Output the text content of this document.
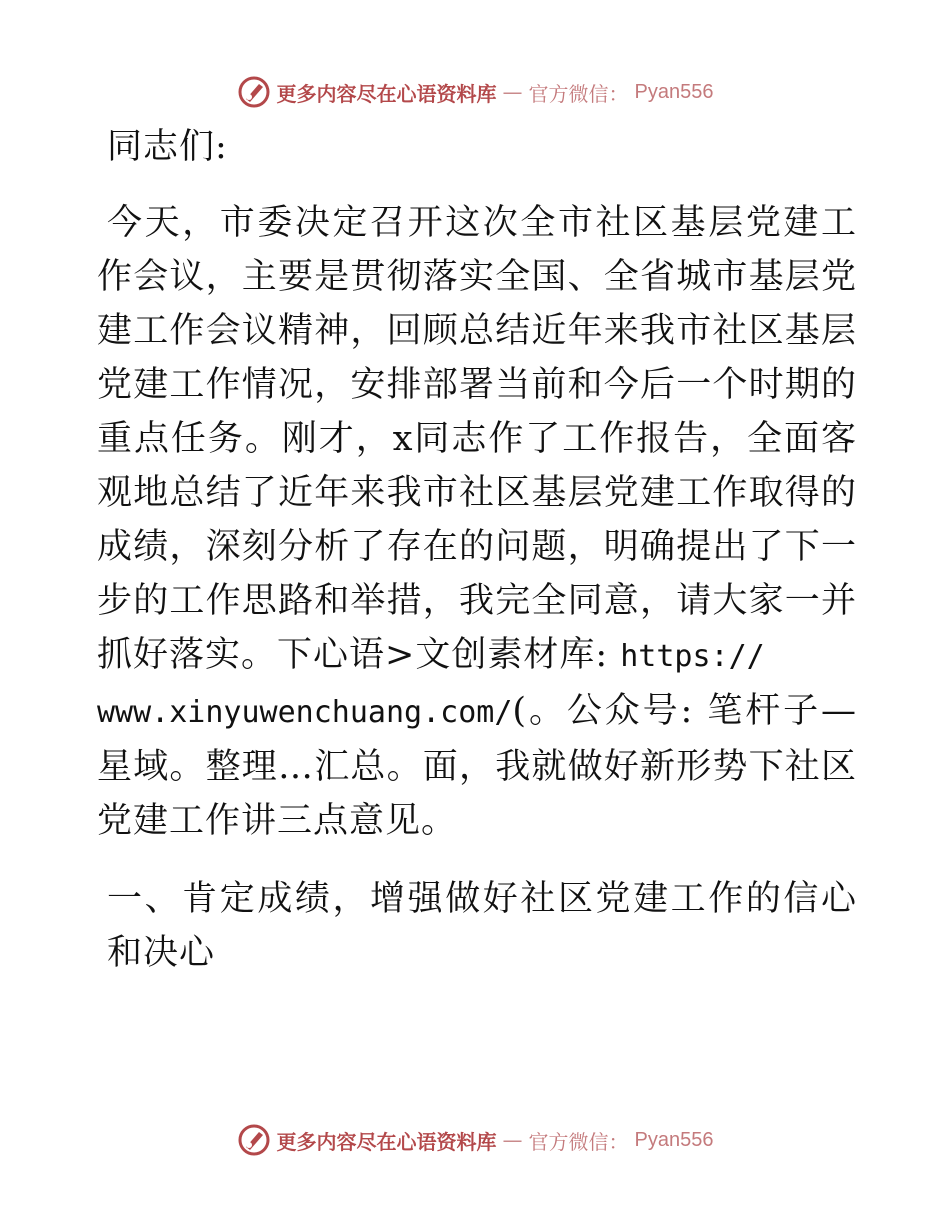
更多内容尽在心语资料库 — 官方微信： Pyan556

同志们:

今天，市委决定召开这次全市社区基层党建工作会议，主要是贯彻落实全国、全省城市基层党建工作会议精神，回顾总结近年来我市社区基层党建工作情况，安排部署当前和今后一个时期的重点任务。刚才，x同志作了工作报告，全面客观地总结了近年来我市社区基层党建工作取得的成绩，深刻分析了存在的问题，明确提出了下一步的工作思路和举措，我完全同意，请大家一并抓好落实。下心语>文创素材库: https://
www.xinyuwenchuang.com/(。公众号: 笔杆子—星域。整理…汇总。面，我就做好新形势下社区党建工作讲三点意见。

一、肯定成绩，增强做好社区党建工作的信心和决心

更多内容尽在心语资料库 — 官方微信： Pyan556
